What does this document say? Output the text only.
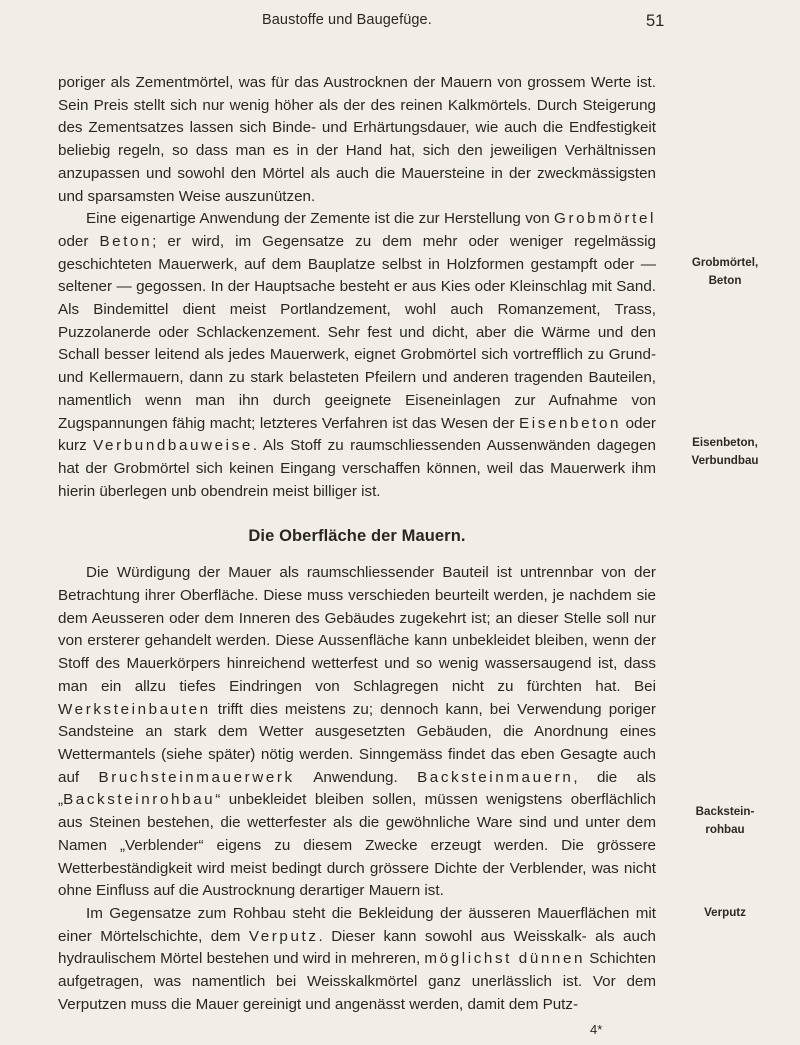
Baustoffe und Baugefüge.	51

poriger als Zementmörtel, was für das Austrocknen der Mauern von grossem Werte ist. Sein Preis stellt sich nur wenig höher als der des reinen Kalkmörtels. Durch Steigerung des Zementsatzes lassen sich Binde- und Erhärtungsdauer, wie auch die Endfestigkeit beliebig regeln, so dass man es in der Hand hat, sich den jeweiligen Verhältnissen anzupassen und sowohl den Mörtel als auch die Mauersteine in der zweckmässigsten und sparsamsten Weise auszunützen.

Eine eigenartige Anwendung der Zemente ist die zur Herstellung von Grobmörtel oder Beton; er wird, im Gegensatze zu dem mehr oder weniger regelmässig geschichteten Mauerwerk, auf dem Bauplatze selbst in Holzformen gestampft oder — seltener — gegossen. In der Hauptsache besteht er aus Kies oder Kleinschlag mit Sand. Als Bindemittel dient meist Portlandzement, wohl auch Romanzement, Trass, Puzzolanerde oder Schlackenzement. Sehr fest und dicht, aber die Wärme und den Schall besser leitend als jedes Mauerwerk, eignet Grobmörtel sich vortrefflich zu Grund- und Kellermauern, dann zu stark belasteten Pfeilern und anderen tragenden Bauteilen, namentlich wenn man ihn durch geeignete Eiseneinlagen zur Aufnahme von Zugspannungen fähig macht; letzteres Verfahren ist das Wesen der Eisenbeton oder kurz Verbundbauweise. Als Stoff zu raumschliessenden Aussenwänden dagegen hat der Grobmörtel sich keinen Eingang verschaffen können, weil das Mauerwerk ihm hierin überlegen unb obendrein meist billiger ist.

Die Oberfläche der Mauern.

Die Würdigung der Mauer als raumschliessender Bauteil ist untrennbar von der Betrachtung ihrer Oberfläche. Diese muss verschieden beurteilt werden, je nachdem sie dem Aeusseren oder dem Inneren des Gebäudes zugekehrt ist; an dieser Stelle soll nur von ersterer gehandelt werden. Diese Aussenfläche kann unbekleidet bleiben, wenn der Stoff des Mauerkörpers hinreichend wetterfest und so wenig wassersaugend ist, dass man ein allzu tiefes Eindringen von Schlagregen nicht zu fürchten hat. Bei Werksteinbauten trifft dies meistens zu; dennoch kann, bei Verwendung poriger Sandsteine an stark dem Wetter ausgesetzten Gebäuden, die Anordnung eines Wettermantels (siehe später) nötig werden. Sinngemäss findet das eben Gesagte auch auf Bruchsteinmauerwerk Anwendung. Backsteinmauern, die als „Backsteinrohbau“ unbekleidet bleiben sollen, müssen wenigstens oberflächlich aus Steinen bestehen, die wetterfester als die gewöhnliche Ware sind und unter dem Namen „Verblender“ eigens zu diesem Zwecke erzeugt werden. Die grössere Wetterbeständigkeit wird meist bedingt durch grössere Dichte der Verblender, was nicht ohne Einfluss auf die Austrocknung derartiger Mauern ist.

Im Gegensatze zum Rohbau steht die Bekleidung der äusseren Mauerflächen mit einer Mörtelschichte, dem Verputz. Dieser kann sowohl aus Weisskalk- als auch hydraulischem Mörtel bestehen und wird in mehreren, möglichst dünnen Schichten aufgetragen, was namentlich bei Weisskalkmörtel ganz unerlässlich ist. Vor dem Verputzen muss die Mauer gereinigt und angenässt werden, damit dem Putz-

Grobmörtel,
Beton
Eisenbeton,
Verbundbau
Backstein-
rohbau
Verputz
4*
